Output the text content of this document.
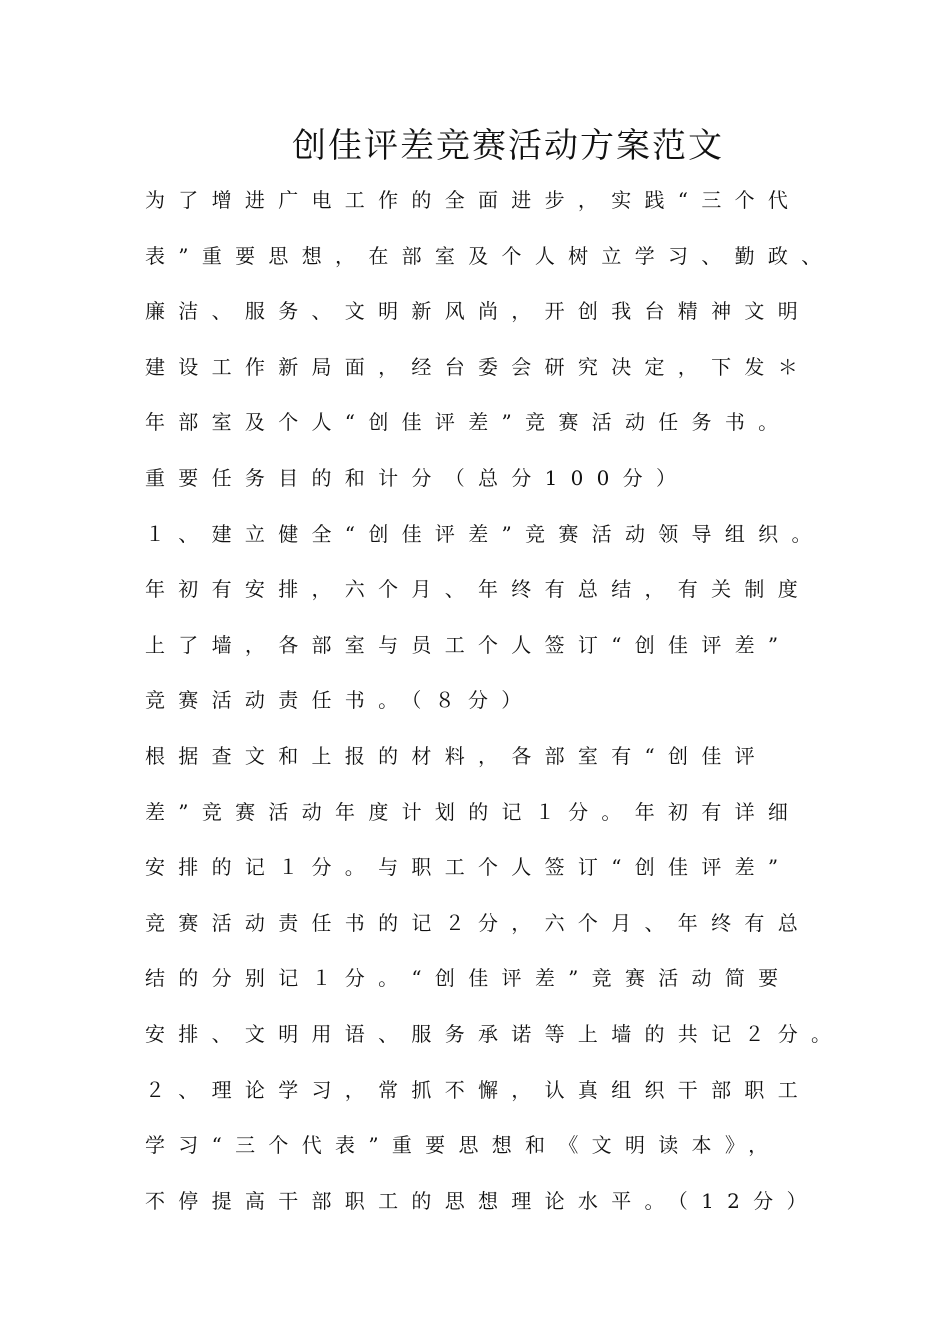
创佳评差竞赛活动方案范文
为了增进广电工作的全面进步，实践“三个代
表”重要思想，在部室及个人树立学习、勤政、
廉洁、服务、文明新风尚，开创我台精神文明
建设工作新局面，经台委会研究决定，下发＊
年部室及个人“创佳评差”竞赛活动任务书。
重要任务目的和计分（总分100分）
１、建立健全“创佳评差”竞赛活动领导组织。
年初有安排，六个月、年终有总结，有关制度
上了墙，各部室与员工个人签订“创佳评差”
竞赛活动责任书。（８分）
根据查文和上报的材料，各部室有“创佳评
差”竞赛活动年度计划的记１分。年初有详细
安排的记１分。与职工个人签订“创佳评差”
竞赛活动责任书的记２分，六个月、年终有总
结的分别记１分。“创佳评差”竞赛活动简要
安排、文明用语、服务承诺等上墙的共记２分。
２、理论学习，常抓不懈，认真组织干部职工
学习“三个代表”重要思想和《文明读本》，
不停提高干部职工的思想理论水平。（12分）
